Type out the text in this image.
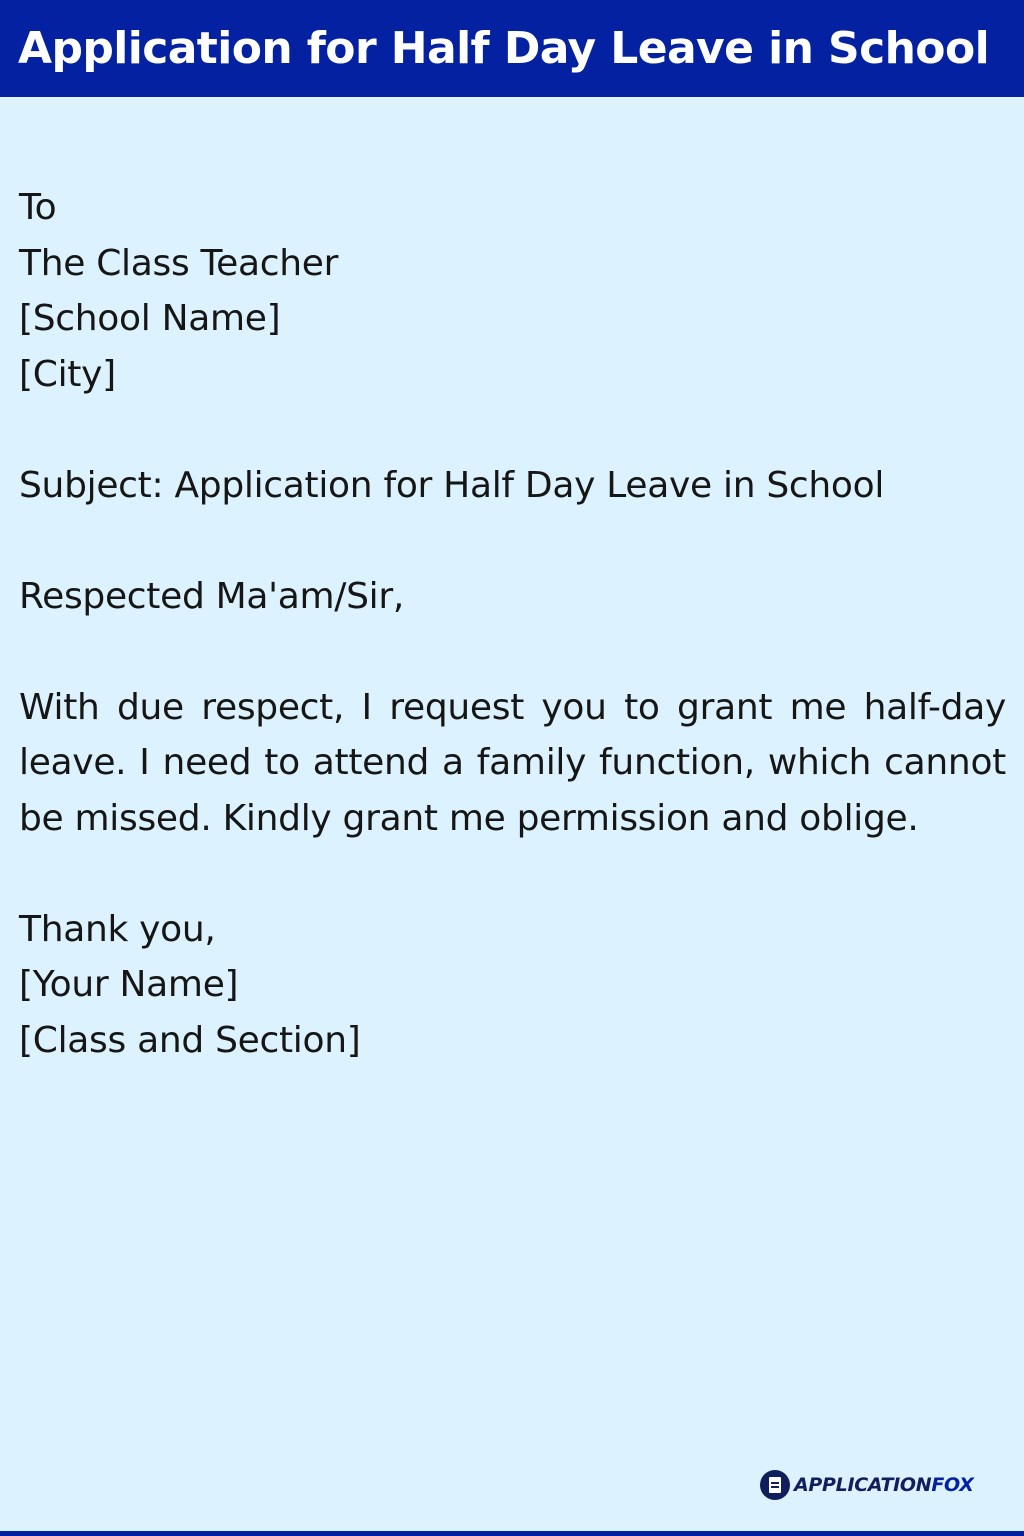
Application for Half Day Leave in School
To
The Class Teacher
[School Name]
[City]
Subject: Application for Half Day Leave in School
Respected Ma'am/Sir,
With due respect, I request you to grant me half-day leave. I need to attend a family function, which cannot be missed. Kindly grant me permission and oblige.
Thank you,
[Your Name]
[Class and Section]
APPLICATIONFOX
